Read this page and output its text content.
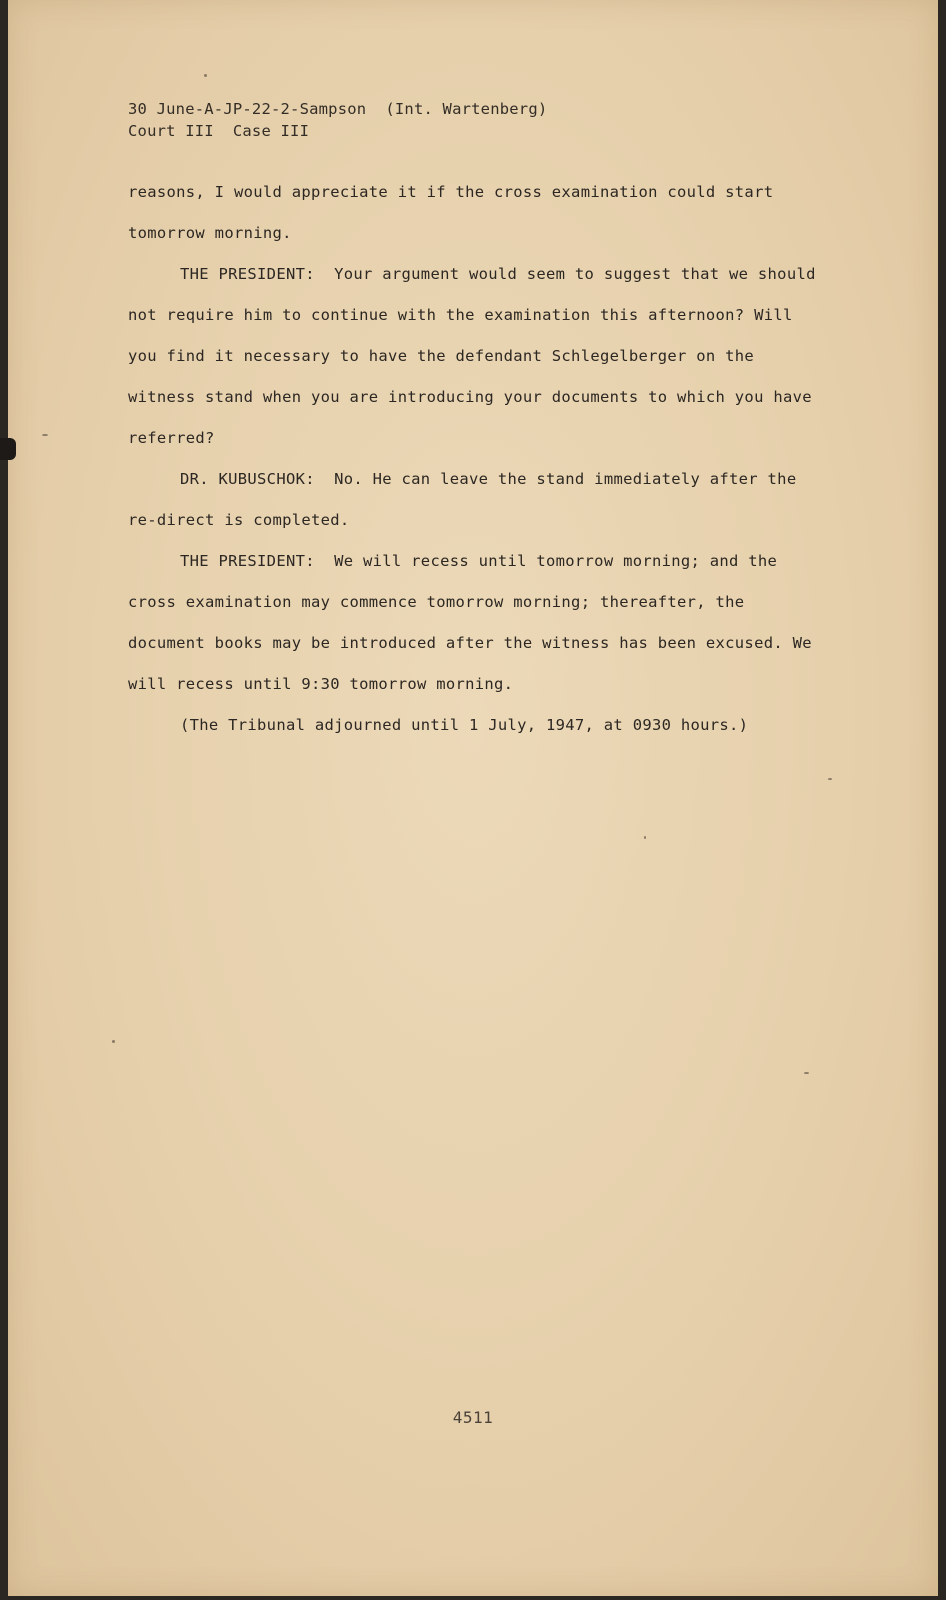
30 June-A-JP-22-2-Sampson  (Int. Wartenberg)
Court III  Case III

reasons, I would appreciate it if the cross examination could start tomorrow morning.

THE PRESIDENT: Your argument would seem to suggest that we should not require him to continue with the examination this afternoon? Will you find it necessary to have the defendant Schlegelberger on the witness stand when you are introducing your documents to which you have referred?

DR. KUBUSCHOK: No. He can leave the stand immediately after the re-direct is completed.

THE PRESIDENT: We will recess until tomorrow morning; and the cross examination may commence tomorrow morning; thereafter, the document books may be introduced after the witness has been excused. We will recess until 9:30 tomorrow morning.

(The Tribunal adjourned until 1 July, 1947, at 0930 hours.)

4511
